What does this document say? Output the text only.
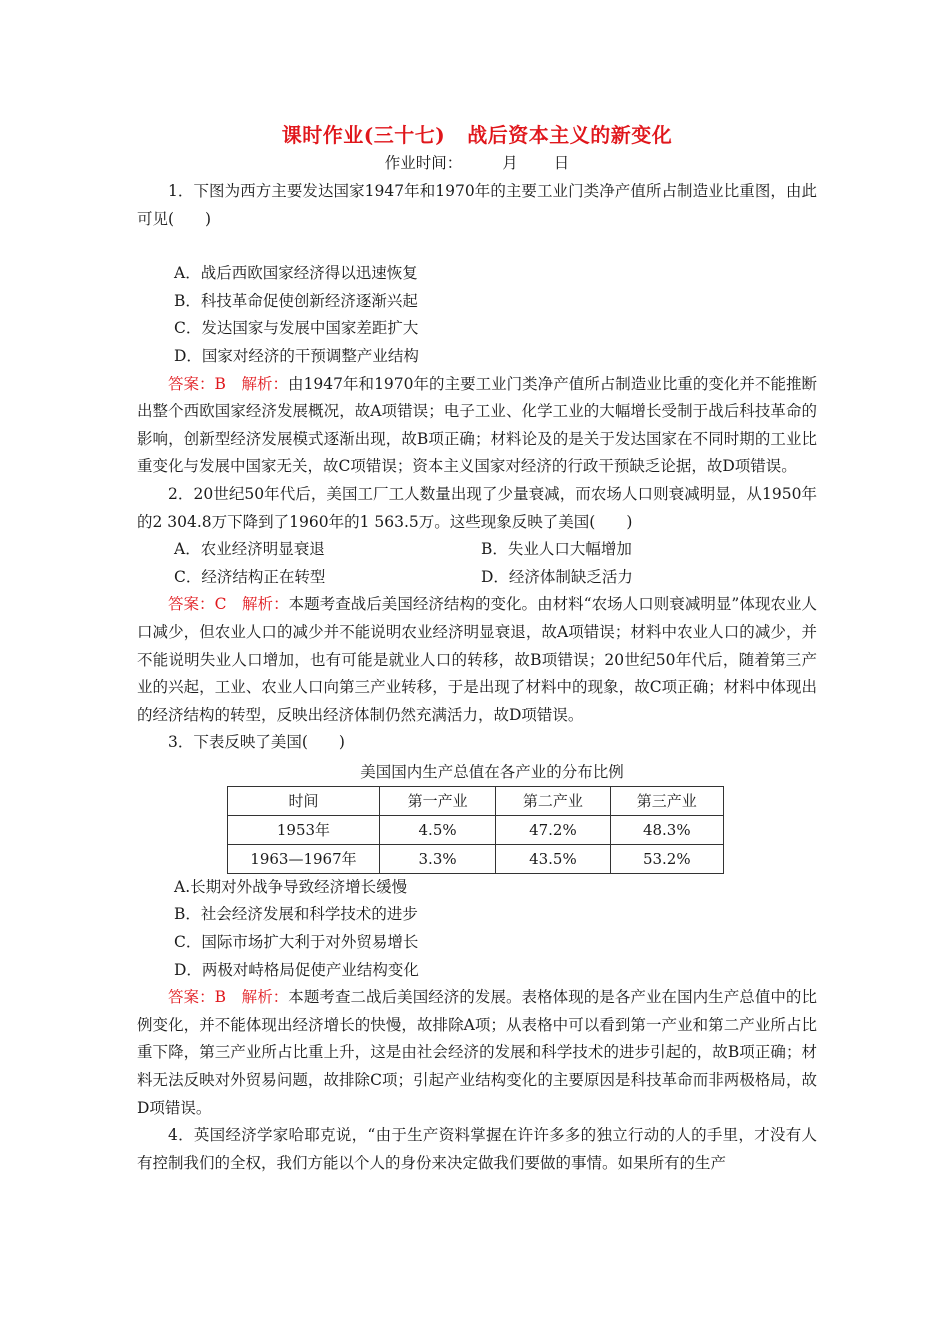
课时作业(三十七) 战后资本主义的新变化
作业时间：	月 日

1．下图为西方主要发达国家1947年和1970年的主要工业门类净产值所占制造业比重图，由此可见(　　)

A．战后西欧国家经济得以迅速恢复

B．科技革命促使创新经济逐渐兴起

C．发达国家与发展中国家差距扩大

D．国家对经济的干预调整产业结构

答案：B　解析：由1947年和1970年的主要工业门类净产值所占制造业比重的变化并不能推断出整个西欧国家经济发展概况，故A项错误；电子工业、化学工业的大幅增长受制于战后科技革命的影响，创新型经济发展模式逐渐出现，故B项正确；材料论及的是关于发达国家在不同时期的工业比重变化与发展中国家无关，故C项错误；资本主义国家对经济的行政干预缺乏论据，故D项错误。

2．20世纪50年代后，美国工厂工人数量出现了少量衰减，而农场人口则衰减明显，从1950年的2 304.8万下降到了1960年的1 563.5万。这些现象反映了美国(　　)

A．农业经济明显衰退	B．失业人口大幅增加
C．经济结构正在转型	D．经济体制缺乏活力

答案：C　解析：本题考查战后美国经济结构的变化。由材料“农场人口则衰减明显”体现农业人口减少，但农业人口的减少并不能说明农业经济明显衰退，故A项错误；材料中农业人口的减少，并不能说明失业人口增加，也有可能是就业人口的转移，故B项错误；20世纪50年代后，随着第三产业的兴起，工业、农业人口向第三产业转移，于是出现了材料中的现象，故C项正确；材料中体现出的经济结构的转型，反映出经济体制仍然充满活力，故D项错误。

3．下表反映了美国(　　)

美国国内生产总值在各产业的分布比例
时间	第一产业	第二产业	第三产业
1953年	4.5%	47.2%	48.3%
1963—1967年	3.3%	43.5%	53.2%

A.长期对外战争导致经济增长缓慢

B．社会经济发展和科学技术的进步

C．国际市场扩大利于对外贸易增长

D．两极对峙格局促使产业结构变化

答案：B　解析：本题考查二战后美国经济的发展。表格体现的是各产业在国内生产总值中的比例变化，并不能体现出经济增长的快慢，故排除A项；从表格中可以看到第一产业和第二产业所占比重下降，第三产业所占比重上升，这是由社会经济的发展和科学技术的进步引起的，故B项正确；材料无法反映对外贸易问题，故排除C项；引起产业结构变化的主要原因是科技革命而非两极格局，故D项错误。

4．英国经济学家哈耶克说，“由于生产资料掌握在许许多多的独立行动的人的手里，才没有人有控制我们的全权，我们方能以个人的身份来决定做我们要做的事情。如果所有的生产
